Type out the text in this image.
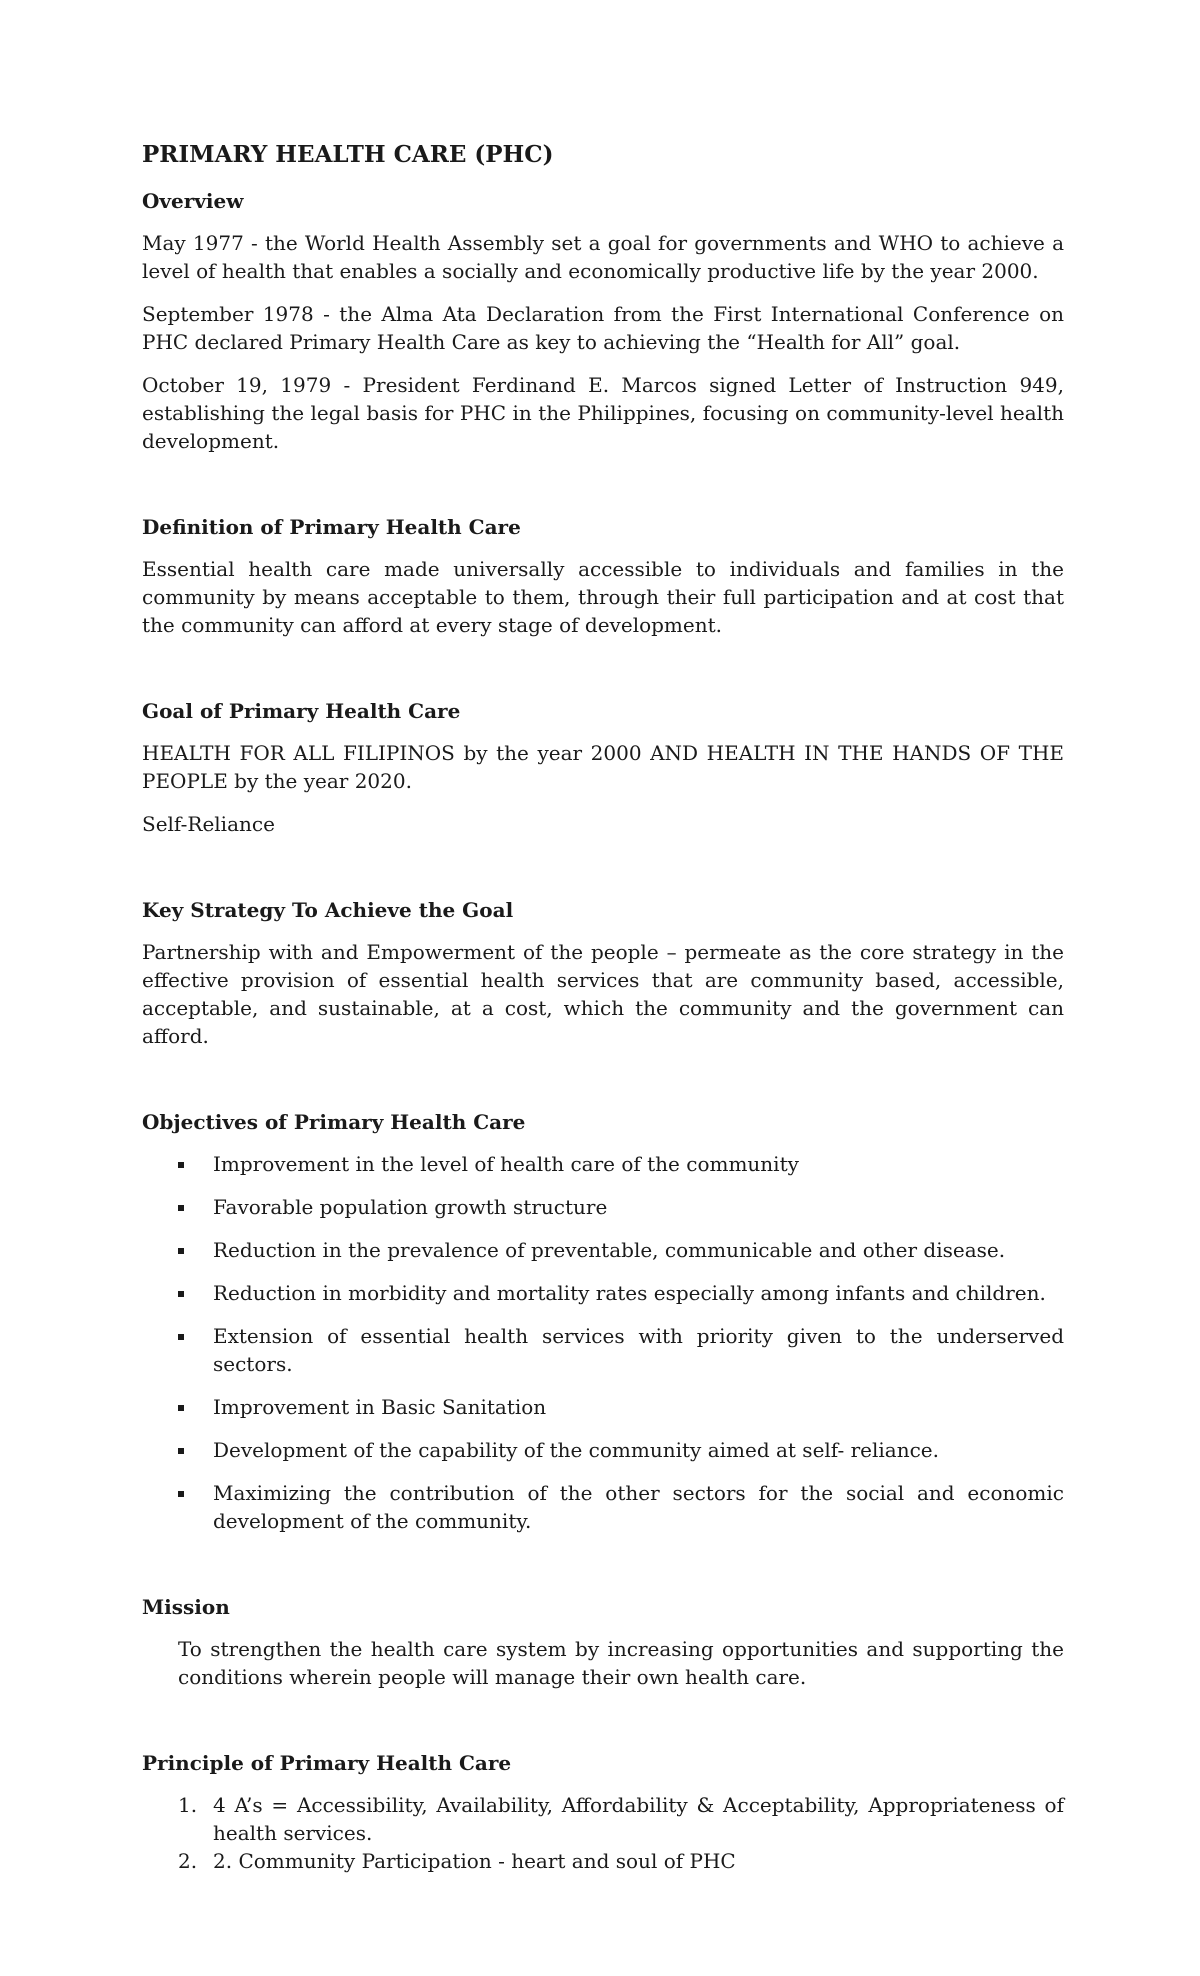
PRIMARY HEALTH CARE (PHC)
Overview

May 1977 - the World Health Assembly set a goal for governments and WHO to achieve a level of health that enables a socially and economically productive life by the year 2000.

September 1978 - the Alma Ata Declaration from the First International Conference on PHC declared Primary Health Care as key to achieving the “Health for All” goal.

October 19, 1979 - President Ferdinand E. Marcos signed Letter of Instruction 949, establishing the legal basis for PHC in the Philippines, focusing on community-level health development.

Definition of Primary Health Care

Essential health care made universally accessible to individuals and families in the community by means acceptable to them, through their full participation and at cost that the community can afford at every stage of development.

Goal of Primary Health Care

HEALTH FOR ALL FILIPINOS by the year 2000 AND HEALTH IN THE HANDS OF THE PEOPLE by the year 2020.

Self-Reliance

Key Strategy To Achieve the Goal

Partnership with and Empowerment of the people – permeate as the core strategy in the effective provision of essential health services that are community based, accessible, acceptable, and sustainable, at a cost, which the community and the government can afford.

Objectives of Primary Health Care
Improvement in the level of health care of the community
Favorable population growth structure
Reduction in the prevalence of preventable, communicable and other disease.
Reduction in morbidity and mortality rates especially among infants and children.
Extension of essential health services with priority given to the underserved sectors.
Improvement in Basic Sanitation
Development of the capability of the community aimed at self- reliance.
Maximizing the contribution of the other sectors for the social and economic development of the community.
Mission

To strengthen the health care system by increasing opportunities and supporting the conditions wherein people will manage their own health care.

Principle of Primary Health Care
1. 4 A’s = Accessibility, Availability, Affordability & Acceptability, Appropriateness of health services.
2. 2. Community Participation - heart and soul of PHC
